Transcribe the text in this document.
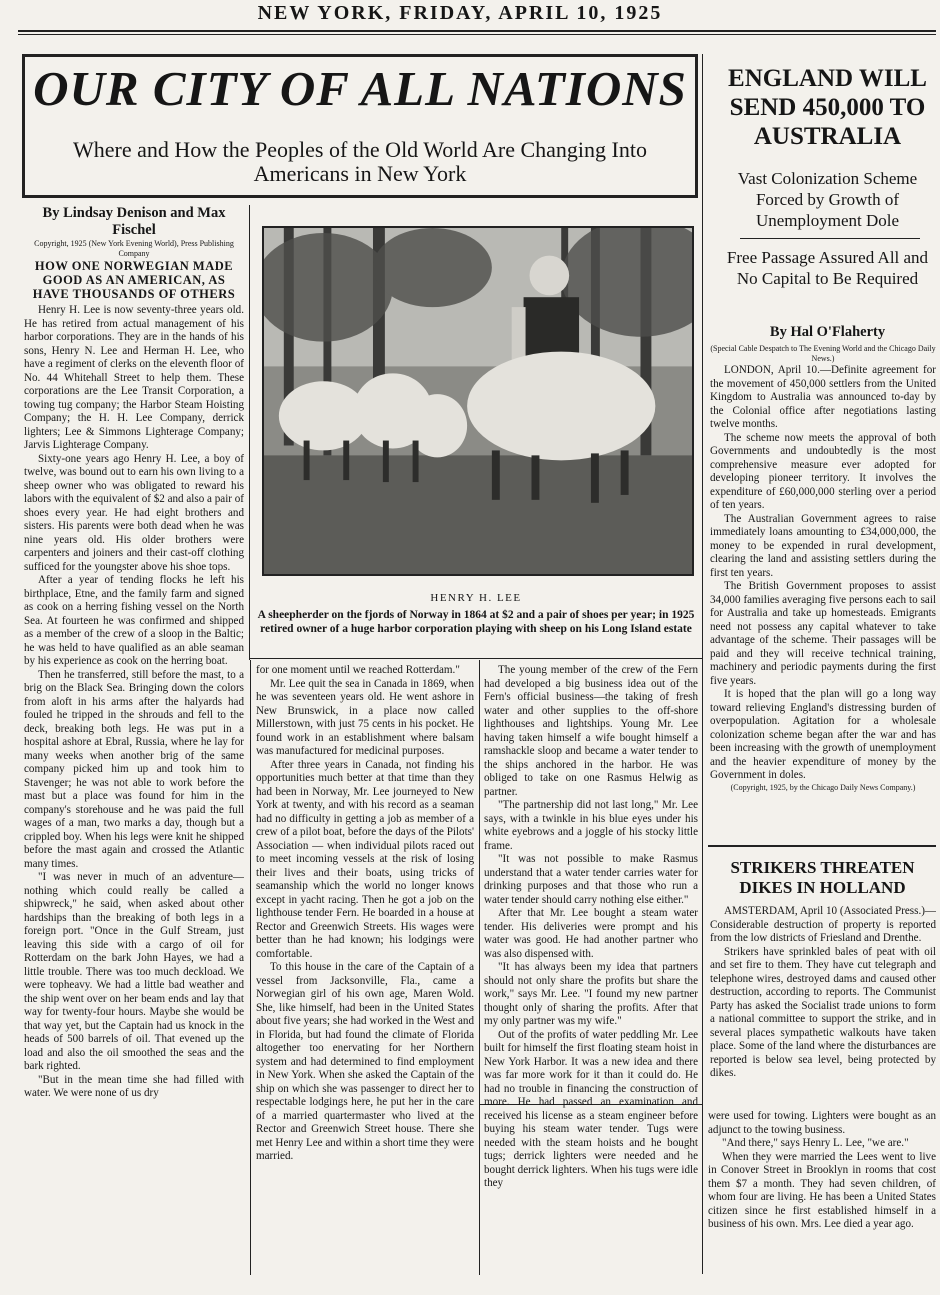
NEW YORK, FRIDAY, APRIL 10, 1925
OUR CITY OF ALL NATIONS
Where and How the Peoples of the Old World Are Changing Into Americans in New York

By Lindsay Denison and Max Fischel

Copyright, 1925 (New York Evening World), Press Publishing Company

HOW ONE NORWEGIAN MADE GOOD AS AN AMERICAN, AS HAVE THOUSANDS OF OTHERS

Henry H. Lee is now seventy-three years old. He has retired from actual management of his harbor corporations. They are in the hands of his sons, Henry N. Lee and Herman H. Lee, who have a regiment of clerks on the eleventh floor of No. 44 Whitehall Street to help them. These corporations are the Lee Transit Corporation, a towing tug company; the Harbor Steam Hoisting Company; the H. H. Lee Company, derrick lighters; Lee & Simmons Lighterage Company; Jarvis Lighterage Company.

Sixty-one years ago Henry H. Lee, a boy of twelve, was bound out to earn his own living to a sheep owner who was obligated to reward his labors with the equivalent of $2 and also a pair of shoes every year. He had eight brothers and sisters. His parents were both dead when he was nine years old. His older brothers were carpenters and joiners and their cast-off clothing sufficed for the youngster above his shoe tops.

After a year of tending flocks he left his birthplace, Etne, and the family farm and signed as cook on a herring fishing vessel on the North Sea. At fourteen he was confirmed and shipped as a member of the crew of a sloop in the Baltic; he was held to have qualified as an able seaman by his experience as cook on the herring boat.

Then he transferred, still before the mast, to a brig on the Black Sea. Bringing down the colors from aloft in his arms after the halyards had fouled he tripped in the shrouds and fell to the deck, breaking both legs. He was put in a hospital ashore at Ebral, Russia, where he lay for many weeks when another brig of the same company picked him up and took him to Stavenger; he was not able to work before the mast but a place was found for him in the company's storehouse and he was paid the full wages of a man, two marks a day, though but a crippled boy. When his legs were knit he shipped before the mast again and crossed the Atlantic many times.

"I was never in much of an adventure—nothing which could really be called a shipwreck," he said, when asked about other hardships than the breaking of both legs in a foreign port. "Once in the Gulf Stream, just leaving this side with a cargo of oil for Rotterdam on the bark John Hayes, we had a little trouble. There was too much deckload. We were topheavy. We had a little bad weather and the ship went over on her beam ends and lay that way for twenty-four hours. Maybe she would be that way yet, but the Captain had us knock in the heads of 500 barrels of oil. That evened up the load and also the oil smoothed the seas and the bark righted.

"But in the mean time she had filled with water. We were none of us dry

HENRY H. LEE
A sheepherder on the fjords of Norway in 1864 at $2 and a pair of shoes per year; in 1925 retired owner of a huge harbor corporation playing with sheep on his Long Island estate

for one moment until we reached Rotterdam."

Mr. Lee quit the sea in Canada in 1869, when he was seventeen years old. He went ashore in New Brunswick, in a place now called Millerstown, with just 75 cents in his pocket. He found work in an establishment where balsam was manufactured for medicinal purposes.

After three years in Canada, not finding his opportunities much better at that time than they had been in Norway, Mr. Lee journeyed to New York at twenty, and with his record as a seaman had no difficulty in getting a job as member of a crew of a pilot boat, before the days of the Pilots' Association — when individual pilots raced out to meet incoming vessels at the risk of losing their lives and their boats, using tricks of seamanship which the world no longer knows except in yacht racing. Then he got a job on the lighthouse tender Fern. He boarded in a house at Rector and Greenwich Streets. His wages were better than he had known; his lodgings were comfortable.

To this house in the care of the Captain of a vessel from Jacksonville, Fla., came a Norwegian girl of his own age, Maren Wold. She, like himself, had been in the United States about five years; she had worked in the West and in Florida, but had found the climate of Florida altogether too enervating for her Northern system and had determined to find employment in New York. When she asked the Captain of the ship on which she was passenger to direct her to respectable lodgings here, he put her in the care of a married quartermaster who lived at the Rector and Greenwich Street house. There she met Henry Lee and within a short time they were married.

The young member of the crew of the Fern had developed a big business idea out of the Fern's official business—the taking of fresh water and other supplies to the off-shore lighthouses and lightships. Young Mr. Lee having taken himself a wife bought himself a ramshackle sloop and became a water tender to the ships anchored in the harbor. He was obliged to take on one Rasmus Helwig as partner.

"The partnership did not last long," Mr. Lee says, with a twinkle in his blue eyes under his white eyebrows and a joggle of his stocky little frame.

"It was not possible to make Rasmus understand that a water tender carries water for drinking purposes and that those who run a water tender should carry nothing else either."

After that Mr. Lee bought a steam water tender. His deliveries were prompt and his water was good. He had another partner who was also dispensed with.

"It has always been my idea that partners should not only share the profits but share the work," says Mr. Lee. "I found my new partner thought only of sharing the profits. After that my only partner was my wife."

Out of the profits of water peddling Mr. Lee built for himself the first floating steam hoist in New York Harbor. It was a new idea and there was far more work for it than it could do. He had no trouble in financing the construction of more. He had passed an examination and received his license as a steam engineer before buying his steam water tender. Tugs were needed with the steam hoists and he bought tugs; derrick lighters were needed and he bought derrick lighters. When his tugs were idle they

ENGLAND WILL SEND 450,000 TO AUSTRALIA
Vast Colonization Scheme Forced by Growth of Unemployment Dole
Free Passage Assured All and No Capital to Be Required
By Hal O'Flaherty

(Special Cable Despatch to The Evening World and the Chicago Daily News.)

LONDON, April 10.—Definite agreement for the movement of 450,000 settlers from the United Kingdom to Australia was announced to-day by the Colonial office after negotiations lasting twelve months.

The scheme now meets the approval of both Governments and undoubtedly is the most comprehensive measure ever adopted for developing pioneer territory. It involves the expenditure of £60,000,000 sterling over a period of ten years.

The Australian Government agrees to raise immediately loans amounting to £34,000,000, the money to be expended in rural development, clearing the land and assisting settlers during the first ten years.

The British Government proposes to assist 34,000 families averaging five persons each to sail for Australia and take up homesteads. Emigrants need not possess any capital whatever to take advantage of the scheme. Their passages will be paid and they will receive technical training, machinery and periodic payments during the first five years.

It is hoped that the plan will go a long way toward relieving England's distressing burden of overpopulation. Agitation for a wholesale colonization scheme began after the war and has been increasing with the growth of unemployment and the heavier expenditure of money by the Government in doles.

(Copyright, 1925, by the Chicago Daily News Company.)

STRIKERS THREATEN DIKES IN HOLLAND

AMSTERDAM, April 10 (Associated Press.)—Considerable destruction of property is reported from the low districts of Friesland and Drenthe.

Strikers have sprinkled bales of peat with oil and set fire to them. They have cut telegraph and telephone wires, destroyed dams and caused other destruction, according to reports. The Communist Party has asked the Socialist trade unions to form a national committee to support the strike, and in several places sympathetic walkouts have taken place. Some of the land where the disturbances are reported is below sea level, being protected by dikes.

were used for towing. Lighters were bought as an adjunct to the towing business.

"And there," says Henry L. Lee, "we are."

When they were married the Lees went to live in Conover Street in Brooklyn in rooms that cost them $7 a month. They had seven children, of whom four are living. He has been a United States citizen since he first established himself in a business of his own. Mrs. Lee died a year ago.
